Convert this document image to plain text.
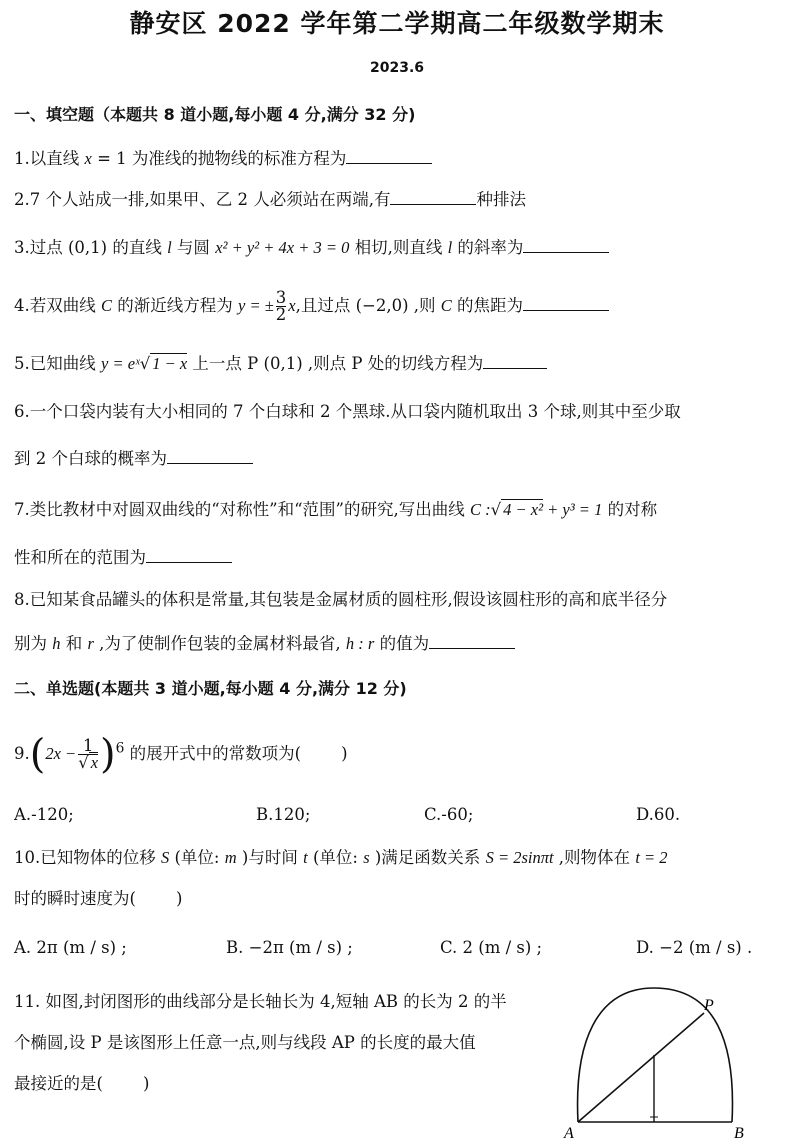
静安区 2022 学年第二学期高二年级数学期末
2023.6
一、填空题（本题共 8 道小题,每小题 4 分,满分 32 分)
1.以直线 x = 1 为准线的抛物线的标准方程为
2.7 个人站成一排,如果甲、乙 2 人必须站在两端,有	种排法
3.过点 (0,1) 的直线 l 与圆 x² + y² + 4x + 3 = 0 相切,则直线 l 的斜率为
4.若双曲线 C 的渐近线方程为 y = ± $\frac{3}{2} x$,且过点 (−2,0) ,则 C 的焦距为
5.已知曲线 y = eˣ√ 1 − x 上一点 P (0,1) ,则点 P 处的切线方程为
6.一个口袋内装有大小相同的 7 个白球和 2 个黑球.从口袋内随机取出 3 个球,则其中至少取
到 2 个白球的概率为
7.类比教材中对圆双曲线的“对称性”和“范围”的研究,写出曲线 C :√ 4 − x² + y³ = 1 的对称
性和所在的范围为
8.已知某食品罐头的体积是常量,其包装是金属材质的圆柱形,假设该圆柱形的高和底半径分
别为 h 和 r ,为了使制作包装的金属材料最省, h : r 的值为
二、单选题(本题共 3 道小题,每小题 4 分,满分 12 分)
$9.(2x - \frac{1}{√ x} )^6$ 的展开式中的常数项为( )
A.-120;	B.120;	C.-60;	D.60.
10.已知物体的位移 S (单位: m )与时间 t (单位: s )满足函数关系 S = 2sinπt ,则物体在 t = 2
时的瞬时速度为( )
A. 2π (m / s) ;	B. −2π (m / s) ;	C. 2 (m / s) ;	D. −2 (m / s) .
11. 如图,封闭图形的曲线部分是长轴长为 4,短轴 AB 的长为 2 的半
个椭圆,设 P 是该图形上任意一点,则与线段 AP 的长度的最大值
最接近的是( )
A	B
P
